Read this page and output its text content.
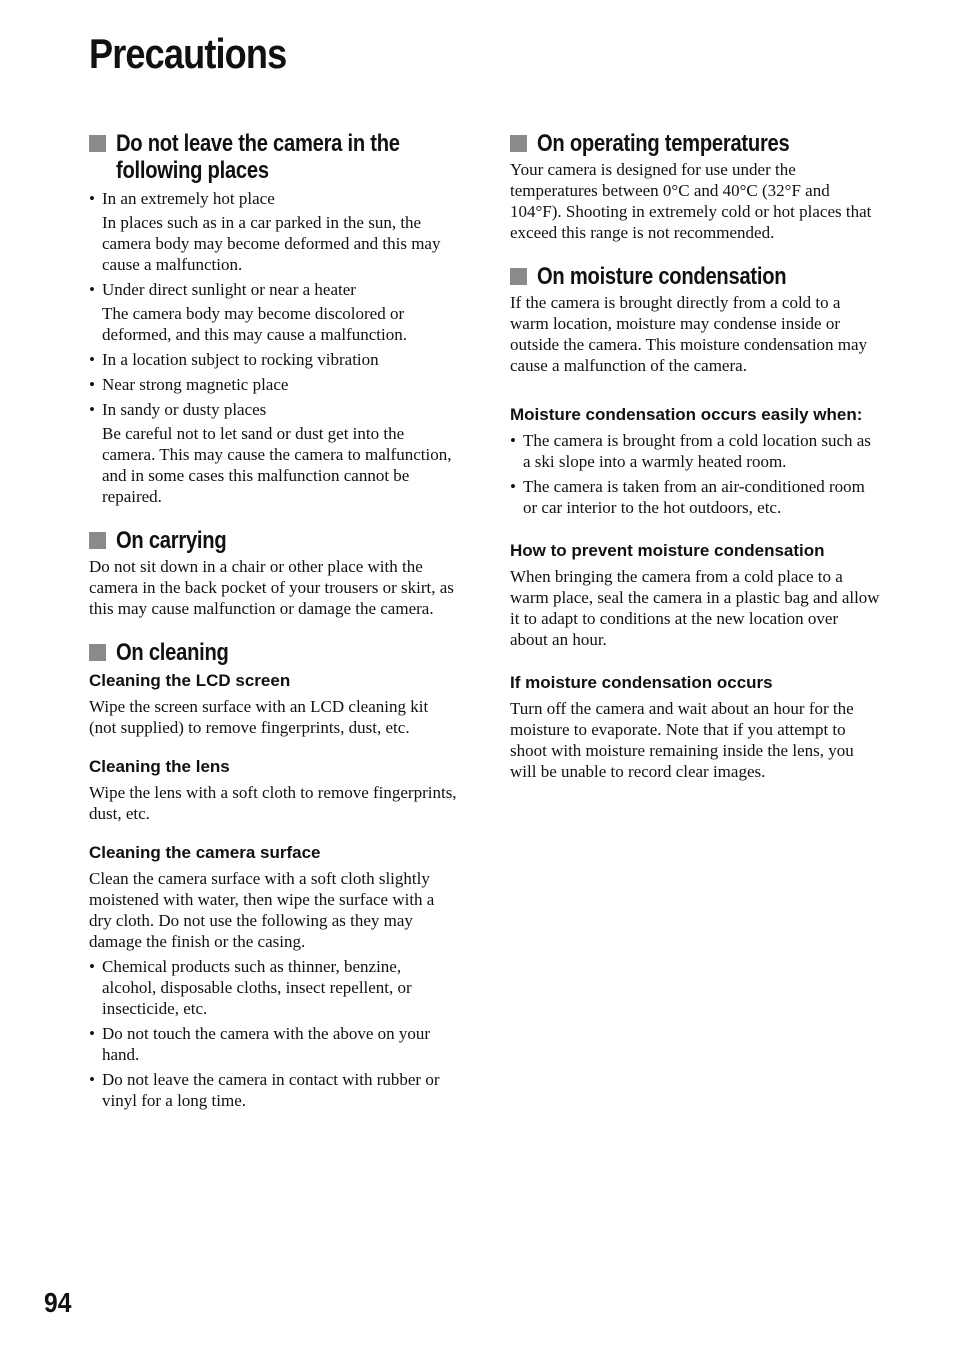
Precautions
Do not leave the camera in the following places
• In an extremely hot place
In places such as in a car parked in the sun, the camera body may become deformed and this may cause a malfunction.
• Under direct sunlight or near a heater
The camera body may become discolored or deformed, and this may cause a malfunction.
• In a location subject to rocking vibration
• Near strong magnetic place
• In sandy or dusty places
Be careful not to let sand or dust get into the camera. This may cause the camera to malfunction, and in some cases this malfunction cannot be repaired.
On carrying

Do not sit down in a chair or other place with the camera in the back pocket of your trousers or skirt, as this may cause malfunction or damage the camera.

On cleaning
Cleaning the LCD screen

Wipe the screen surface with an LCD cleaning kit (not supplied) to remove fingerprints, dust, etc.

Cleaning the lens

Wipe the lens with a soft cloth to remove fingerprints, dust, etc.

Cleaning the camera surface

Clean the camera surface with a soft cloth slightly moistened with water, then wipe the surface with a dry cloth. Do not use the following as they may damage the finish or the casing.

• Chemical products such as thinner, benzine, alcohol, disposable cloths, insect repellent, or insecticide, etc.
• Do not touch the camera with the above on your hand.
• Do not leave the camera in contact with rubber or vinyl for a long time.
On operating temperatures

Your camera is designed for use under the temperatures between 0°C and 40°C (32°F and 104°F). Shooting in extremely cold or hot places that exceed this range is not recommended.

On moisture condensation

If the camera is brought directly from a cold to a warm location, moisture may condense inside or outside the camera. This moisture condensation may cause a malfunction of the camera.

Moisture condensation occurs easily when:
• The camera is brought from a cold location such as a ski slope into a warmly heated room.
• The camera is taken from an air-conditioned room or car interior to the hot outdoors, etc.
How to prevent moisture condensation

When bringing the camera from a cold place to a warm place, seal the camera in a plastic bag and allow it to adapt to conditions at the new location over about an hour.

If moisture condensation occurs

Turn off the camera and wait about an hour for the moisture to evaporate. Note that if you attempt to shoot with moisture remaining inside the lens, you will be unable to record clear images.

94
